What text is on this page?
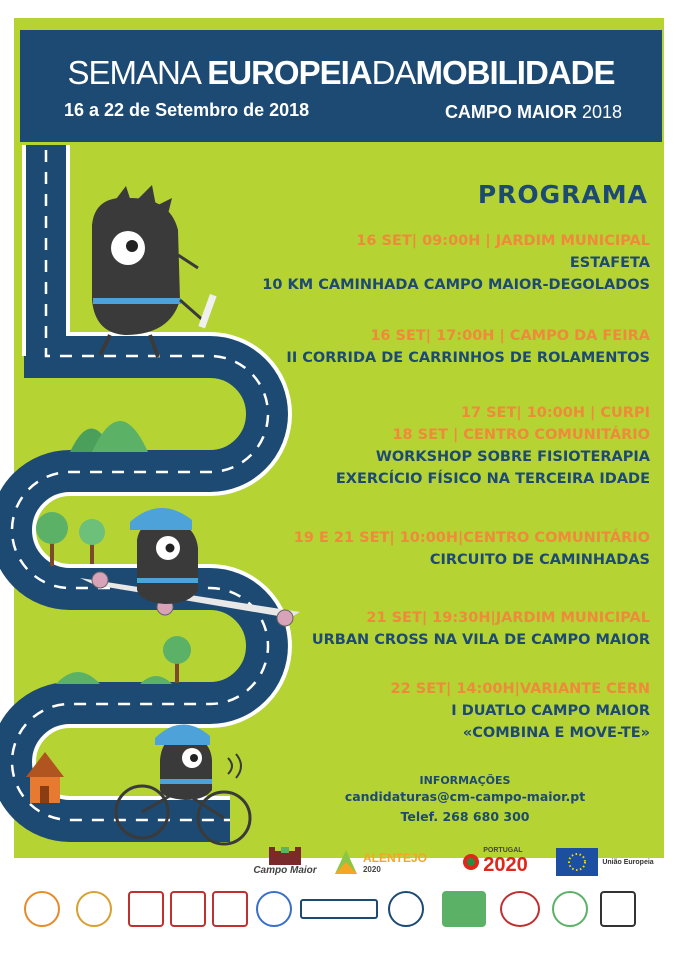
SEMANA EUROPEIADAMOBILIDADE
16 a 22 de Setembro de 2018	CAMPO MAIOR 2018
PROGRAMA
16 SET| 09:00H | JARDIM MUNICIPAL
ESTAFETA
10 KM CAMINHADA CAMPO MAIOR-DEGOLADOS
16 SET| 17:00H | CAMPO DA FEIRA
II CORRIDA DE CARRINHOS DE ROLAMENTOS
17 SET| 10:00H | CURPI
18 SET | CENTRO COMUNITÁRIO
WORKSHOP SOBRE FISIOTERAPIA
EXERCÍCIO FÍSICO NA TERCEIRA IDADE
19 E 21 SET| 10:00H|CENTRO COMUNITÁRIO
CIRCUITO DE CAMINHADAS
21 SET| 19:30H|JARDIM MUNICIPAL
URBAN CROSS NA VILA DE CAMPO MAIOR
22 SET| 14:00H|VARIANTE CERN
I DUATLO CAMPO MAIOR
«COMBINA E MOVE-TE»
INFORMAÇÕES
candidaturas@cm-campo-maior.pt
Telef. 268 680 300
Campo Maior
ALENTEJO
2020
PORTUGAL
2020	União Europeia
